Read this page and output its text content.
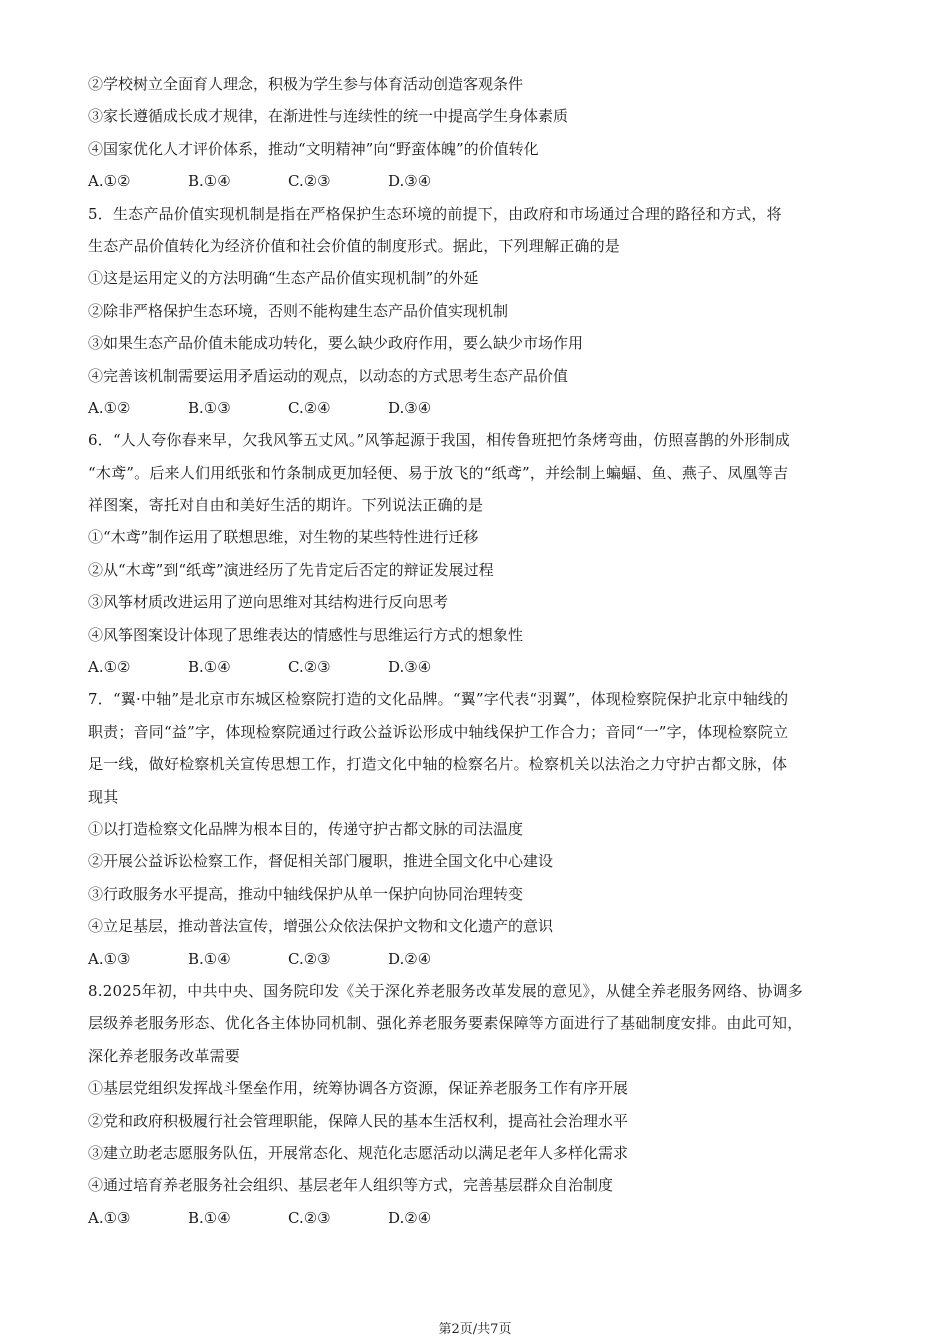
②学校树立全面育人理念，积极为学生参与体育活动创造客观条件
③家长遵循成长成才规律，在渐进性与连续性的统一中提高学生身体素质
④国家优化人才评价体系，推动“文明精神”向“野蛮体魄”的价值转化
A.①②	B.①④	C.②③	D.③④
5．生态产品价值实现机制是指在严格保护生态环境的前提下，由政府和市场通过合理的路径和方式，将
生态产品价值转化为经济价值和社会价值的制度形式。据此，下列理解正确的是
①这是运用定义的方法明确“生态产品价值实现机制”的外延
②除非严格保护生态环境，否则不能构建生态产品价值实现机制
③如果生态产品价值未能成功转化，要么缺少政府作用，要么缺少市场作用
④完善该机制需要运用矛盾运动的观点，以动态的方式思考生态产品价值
A.①②	B.①③	C.②④	D.③④
6．“人人夸你春来早，欠我风筝五丈风。”风筝起源于我国，相传鲁班把竹条烤弯曲，仿照喜鹊的外形制成
“木鸢”。后来人们用纸张和竹条制成更加轻便、易于放飞的“纸鸢”，并绘制上蝙蝠、鱼、燕子、凤凰等吉
祥图案，寄托对自由和美好生活的期许。下列说法正确的是
①“木鸢”制作运用了联想思维，对生物的某些特性进行迁移
②从“木鸢”到“纸鸢”演进经历了先肯定后否定的辩证发展过程
③风筝材质改进运用了逆向思维对其结构进行反向思考
④风筝图案设计体现了思维表达的情感性与思维运行方式的想象性
A.①②	B.①④	C.②③	D.③④
7．“翼·中轴”是北京市东城区检察院打造的文化品牌。“翼”字代表“羽翼”，体现检察院保护北京中轴线的
职责；音同“益”字，体现检察院通过行政公益诉讼形成中轴线保护工作合力；音同“一”字，体现检察院立
足一线，做好检察机关宣传思想工作，打造文化中轴的检察名片。检察机关以法治之力守护古都文脉，体
现其
①以打造检察文化品牌为根本目的，传递守护古都文脉的司法温度
②开展公益诉讼检察工作，督促相关部门履职，推进全国文化中心建设
③行政服务水平提高，推动中轴线保护从单一保护向协同治理转变
④立足基层，推动普法宣传，增强公众依法保护文物和文化遗产的意识
A.①③	B.①④	C.②③	D.②④
8.2025年初，中共中央、国务院印发《关于深化养老服务改革发展的意见》，从健全养老服务网络、协调多
层级养老服务形态、优化各主体协同机制、强化养老服务要素保障等方面进行了基础制度安排。由此可知，
深化养老服务改革需要
①基层党组织发挥战斗堡垒作用，统筹协调各方资源，保证养老服务工作有序开展
②党和政府积极履行社会管理职能，保障人民的基本生活权利，提高社会治理水平
③建立助老志愿服务队伍，开展常态化、规范化志愿活动以满足老年人多样化需求
④通过培育养老服务社会组织、基层老年人组织等方式，完善基层群众自治制度
A.①③	B.①④	C.②③	D.②④
第2页/共7页
